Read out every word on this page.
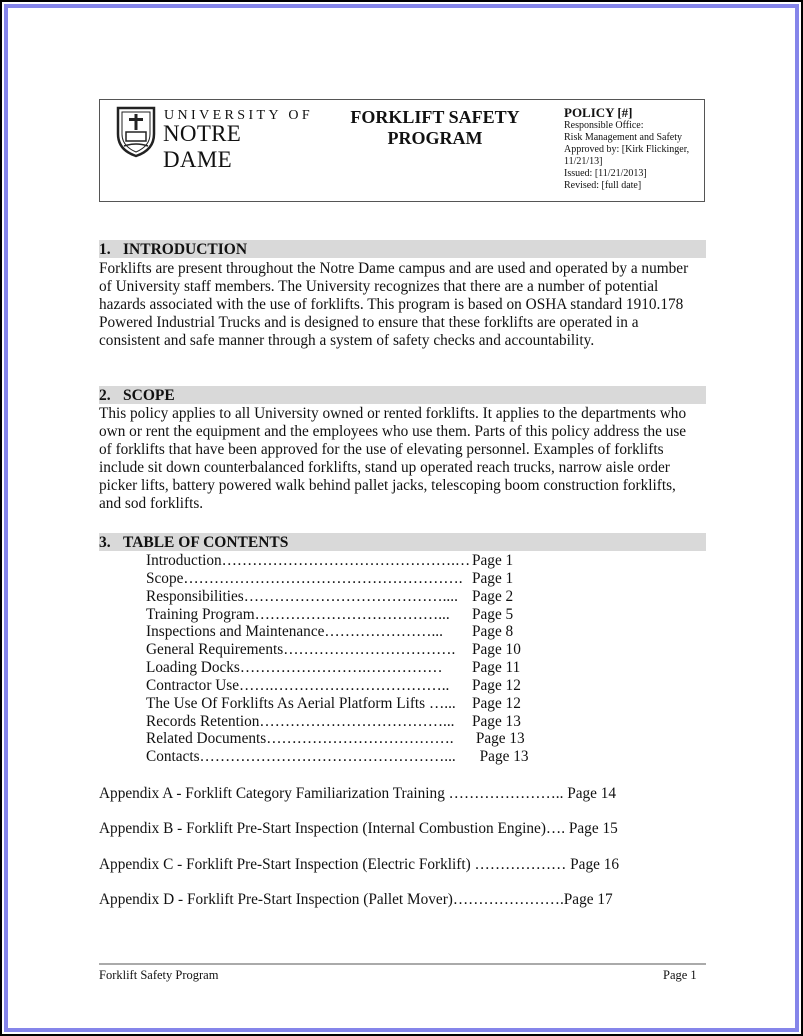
UNIVERSITY OF
NOTRE DAME
FORKLIFT SAFETY
PROGRAM
POLICY [#]
Responsible Office:
Risk Management and Safety
Approved by: [Kirk Flickinger,
11/21/13]
Issued: [11/21/2013]
Revised: [full date]
1. INTRODUCTION
Forklifts are present throughout the Notre Dame campus and are used and operated by a number
of University staff members. The University recognizes that there are a number of potential
hazards associated with the use of forklifts. This program is based on OSHA standard 1910.178
Powered Industrial Trucks and is designed to ensure that these forklifts are operated in a
consistent and safe manner through a system of safety checks and accountability.
2. SCOPE
This policy applies to all University owned or rented forklifts. It applies to the departments who
own or rent the equipment and the employees who use them. Parts of this policy address the use
of forklifts that have been approved for the use of elevating personnel. Examples of forklifts
include sit down counterbalanced forklifts, stand up operated reach trucks, narrow aisle order
picker lifts, battery powered walk behind pallet jacks, telescoping boom construction forklifts,
and sod forklifts.
3. TABLE OF CONTENTS
Introduction……………………………………….… Page 1
Scope………………………………………………. Page 1
Responsibilities………………………………….... Page 2
Training Program………………………………... Page 5
Inspections and Maintenance…………………... Page 8
General Requirements……………………………. Page 10
Loading Docks…………………….…………… Page 11
Contractor Use…….…………………………….. Page 12
The Use Of Forklifts As Aerial Platform Lifts …... Page 12
Records Retention………………………………... Page 13
Related Documents………………………………. Page 13
Contacts…………………………………………... Page 13
Appendix A - Forklift Category Familiarization Training ………………….. Page 14
Appendix B - Forklift Pre-Start Inspection (Internal Combustion Engine)…. Page 15
Appendix C - Forklift Pre-Start Inspection (Electric Forklift) ……………… Page 16
Appendix D - Forklift Pre-Start Inspection (Pallet Mover)………………….Page 17
Forklift Safety Program	Page 1
